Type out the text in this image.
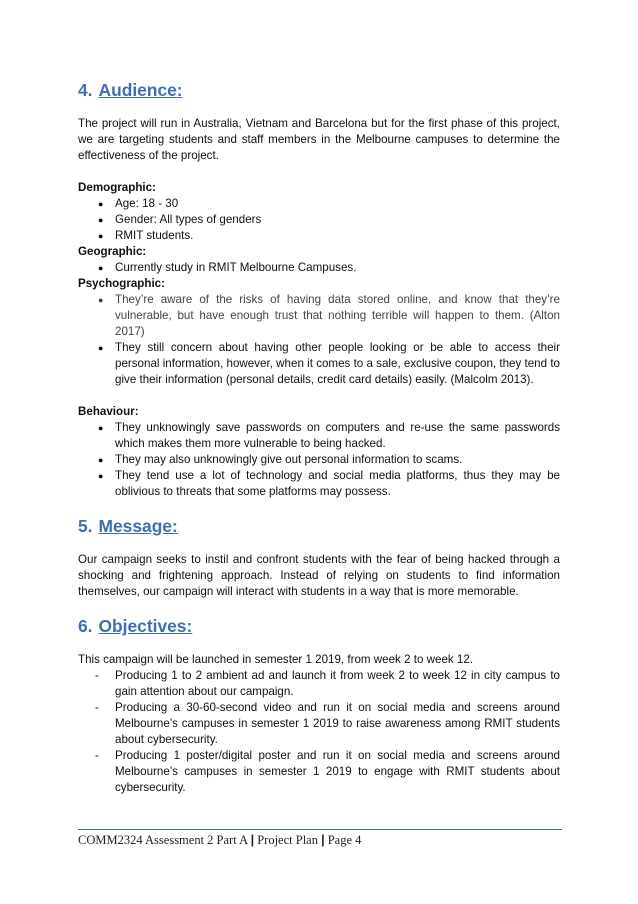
4. Audience:

The project will run in Australia, Vietnam and Barcelona but for the first phase of this project, we are targeting students and staff members in the Melbourne campuses to determine the effectiveness of the project.

Demographic:
● Age: 18 - 30
● Gender: All types of genders
● RMIT students.
Geographic:
● Currently study in RMIT Melbourne Campuses.
Psychographic:
● They’re aware of the risks of having data stored online, and know that they’re vulnerable, but have enough trust that nothing terrible will happen to them. (Alton 2017)
● They still concern about having other people looking or be able to access their personal information, however, when it comes to a sale, exclusive coupon, they tend to give their information (personal details, credit card details) easily. (Malcolm 2013).
Behaviour:
● They unknowingly save passwords on computers and re-use the same passwords which makes them more vulnerable to being hacked.
● They may also unknowingly give out personal information to scams.
● They tend use a lot of technology and social media platforms, thus they may be oblivious to threats that some platforms may possess.
5. Message:

Our campaign seeks to instil and confront students with the fear of being hacked through a shocking and frightening approach. Instead of relying on students to find information themselves, our campaign will interact with students in a way that is more memorable.

6. Objectives:

This campaign will be launched in semester 1 2019, from week 2 to week 12.

- Producing 1 to 2 ambient ad and launch it from week 2 to week 12 in city campus to gain attention about our campaign.
- Producing a 30-60-second video and run it on social media and screens around Melbourne’s campuses in semester 1 2019 to raise awareness among RMIT students about cybersecurity.
- Producing 1 poster/digital poster and run it on social media and screens around Melbourne’s campuses in semester 1 2019 to engage with RMIT students about cybersecurity.
COMM2324 Assessment 2 Part A | Project Plan | Page 4
